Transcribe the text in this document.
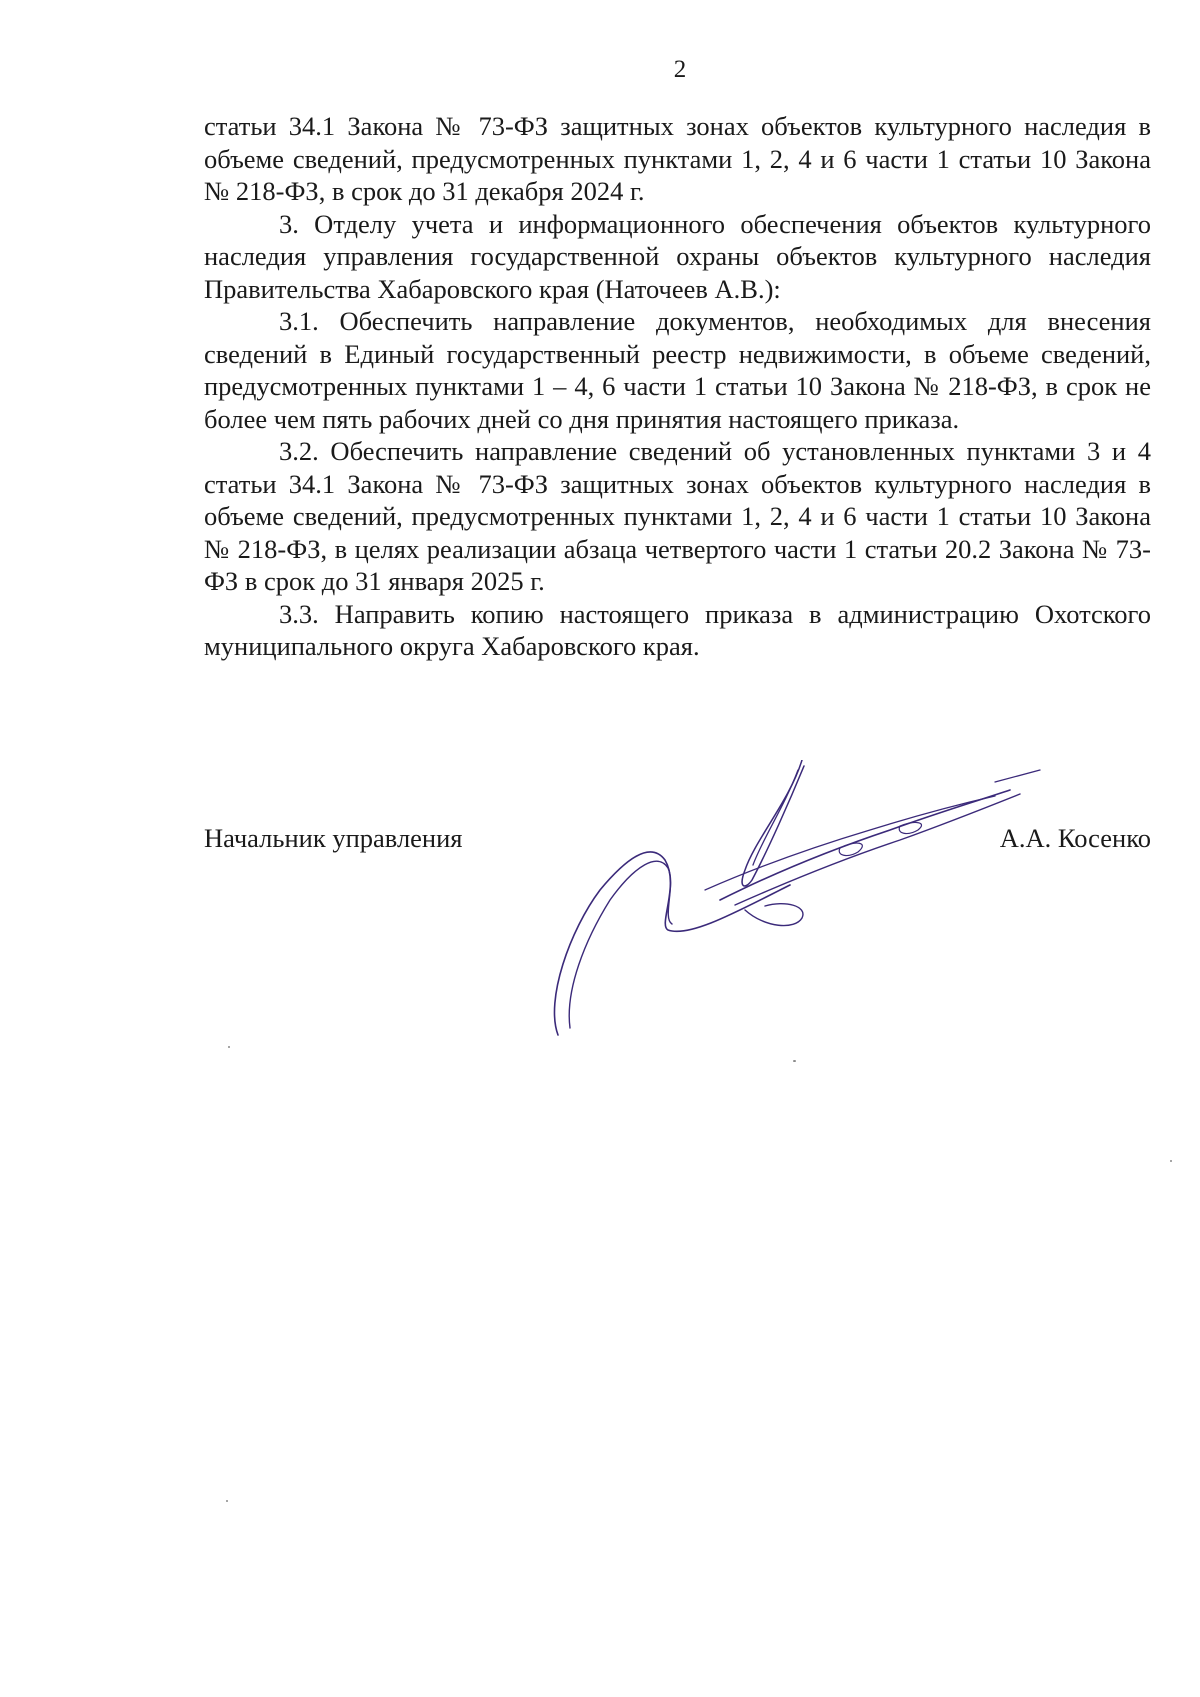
2

статьи 34.1 Закона № 73-ФЗ защитных зонах объектов культурного наследия в объеме сведений, предусмотренных пунктами 1, 2, 4 и 6 части 1 статьи 10 Закона № 218-ФЗ, в срок до 31 декабря 2024 г.

3. Отделу учета и информационного обеспечения объектов культурного наследия управления государственной охраны объектов культурного наследия Правительства Хабаровского края (Наточеев А.В.):

3.1. Обеспечить направление документов, необходимых для внесения сведений в Единый государственный реестр недвижимости, в объеме сведений, предусмотренных пунктами 1 – 4, 6 части 1 статьи 10 Закона № 218-ФЗ, в срок не более чем пять рабочих дней со дня принятия настоящего приказа.

3.2. Обеспечить направление сведений об установленных пунктами 3 и 4 статьи 34.1 Закона № 73-ФЗ защитных зонах объектов культурного наследия в объеме сведений, предусмотренных пунктами 1, 2, 4 и 6 части 1 статьи 10 Закона № 218-ФЗ, в целях реализации абзаца четвертого части 1 статьи 20.2 Закона № 73-ФЗ в срок до 31 января 2025 г.

3.3. Направить копию настоящего приказа в администрацию Охотского муниципального округа Хабаровского края.

Начальник управления	А.А. Косенко
